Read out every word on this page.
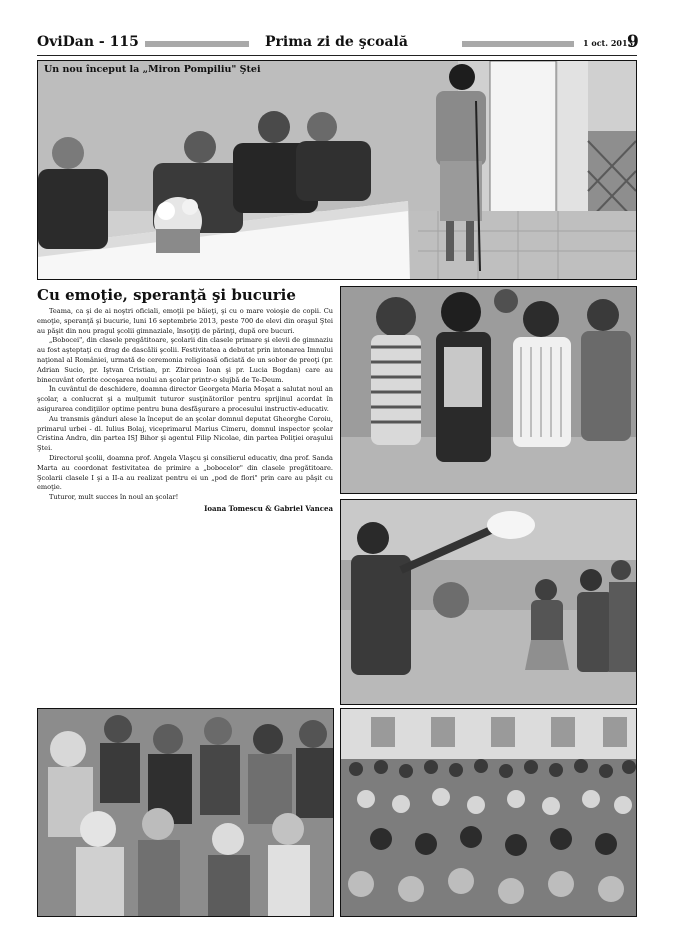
OviDan - 115	Prima zi de şcoală	1 oct. 2013
9
Un nou început la „Miron Pompiliu" Ştei
Cu emoţie, speranţă şi bucurie

Teama, ca şi de ai noştri oficiali, emoţii pe băieţi, şi cu o mare voioşie de copii. Cu emoţie, speranţă şi bucurie, luni 16 septembrie 2013, peste 700 de elevi din oraşul Ştei au păşit din nou pragul şcolii gimnaziale, însoţiţi de părinţi, după ore bucuri.

„Bobocei", din clasele pregătitoare, şcolarii din clasele primare şi elevii de gimnaziu au fost aşteptaţi cu drag de dascălii şcolii. Festivitatea a debutat prin intonarea Imnului naţional al României, urmată de ceremonia religioasă oficiată de un sobor de preoţi (pr. Adrian Sucio, pr. Iştvan Cristian, pr. Zbircea Ioan şi pr. Lucia Bogdan) care au binecuvânt oferite cocoşarea noului an şcolar printr-o slujbă de Te-Deum.

În cuvântul de deschidere, doamna director Georgeta Maria Moşat a salutat noul an şcolar, a conlucrat şi a mulţumit tuturor susţinătorilor pentru sprijinul acordat în asigurarea condiţiilor optime pentru buna desfăşurare a procesului instructiv-educativ.

Au transmis gânduri alese la început de an şcolar domnul deputat Gheorghe Coroiu, primarul urbei - dl. Iulius Bolaj, viceprimarul Marius Cimeru, domnul inspector şcolar Cristina Andra, din partea ISJ Bihor şi agentul Filip Nicolae, din partea Poliţiei oraşului Ştei.

Directorul şcolii, doamna prof. Angela Vlaşcu şi consilierul educativ, dna prof. Sanda Marta au coordonat festivitatea de primire a „bobocelor" din clasele pregătitoare. Şcolarii clasele I şi a II-a au realizat pentru ei un „pod de flori" prin care au păşit cu emoţie.

Tuturor, mult succes în noul an şcolar!

Ioana Tomescu & Gabriel Vancea
